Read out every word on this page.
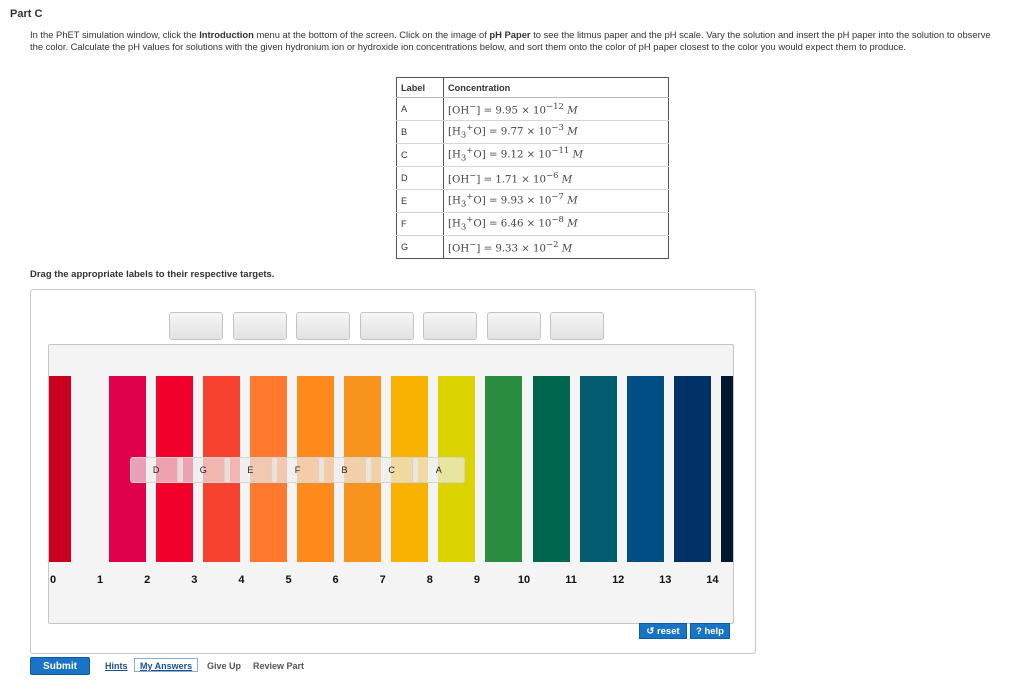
Part C
In the PhET simulation window, click the Introduction menu at the bottom of the screen. Click on the image of pH Paper to see the litmus paper and the pH scale. Vary the solution and insert the pH paper into the solution to observe the color. Calculate the pH values for solutions with the given hydronium ion or hydroxide ion concentrations below, and sort them onto the color of pH paper closest to the color you would expect them to produce.
Label	Concentration
A	$[OH^-] = 9.95 \times 10^{-12}$ M
B	$[H_3^+O] = 9.77 \times 10^{-3}$ M
C	$[H_3^+O] = 9.12 \times 10^{-11}$ M
D	$[OH^-] = 1.71 \times 10^{-6}$ M
E	$[H_3^+O] = 9.93 \times 10^{-7}$ M
F	$[H_3^+O] = 6.46 \times 10^{-8}$ M
G	$[OH^-] = 9.33 \times 10^{-2}$ M
Drag the appropriate labels to their respective targets.
D	G	E	F	B	C	A
0	1	2	3	4	5	6	7	8	9	10	11	12	13	14
↺ reset	? help
Submit	Hints	My Answers	Give Up Review Part
